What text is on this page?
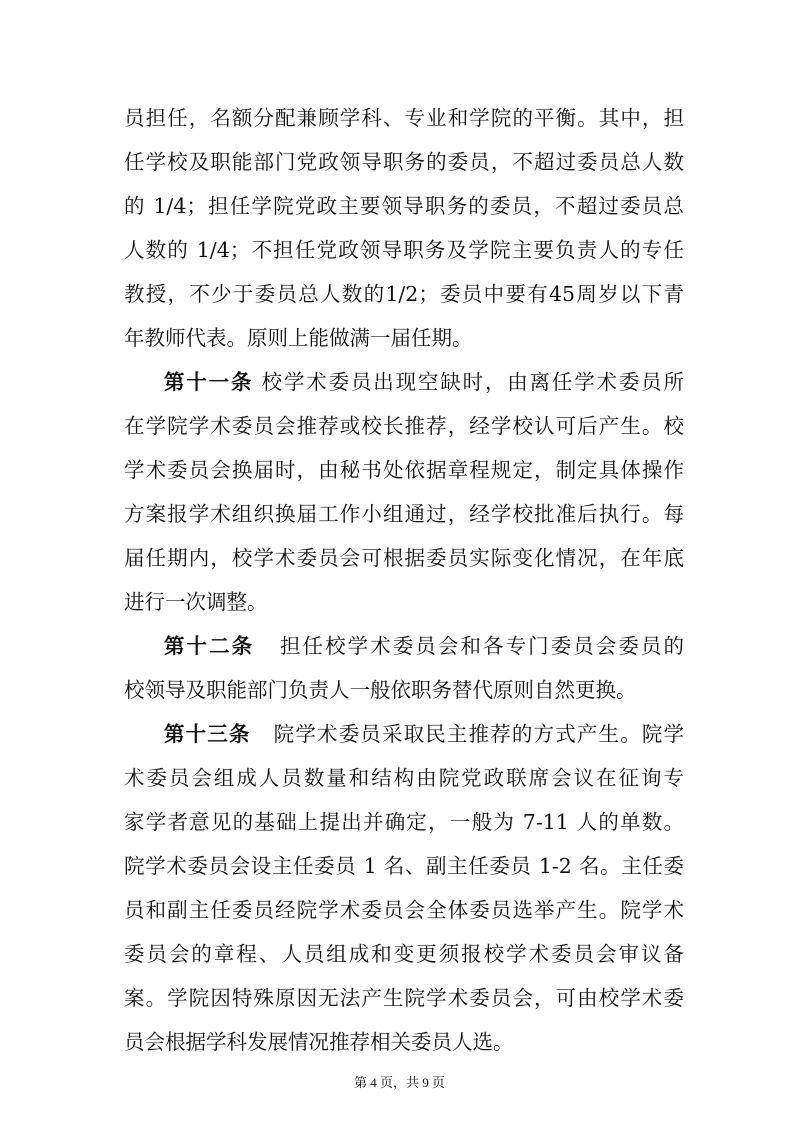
员担任，名额分配兼顾学科、专业和学院的平衡。其中，担
任学校及职能部门党政领导职务的委员，不超过委员总人数
的 1/4；担任学院党政主要领导职务的委员，不超过委员总
人数的 1/4；不担任党政领导职务及学院主要负责人的专任
教授，不少于委员总人数的1/2；委员中要有45周岁以下青
年教师代表。原则上能做满一届任期。
第十一条 校学术委员出现空缺时，由离任学术委员所
在学院学术委员会推荐或校长推荐，经学校认可后产生。校
学术委员会换届时，由秘书处依据章程规定，制定具体操作
方案报学术组织换届工作小组通过，经学校批准后执行。每
届任期内，校学术委员会可根据委员实际变化情况，在年底
进行一次调整。
第十二条 担任校学术委员会和各专门委员会委员的
校领导及职能部门负责人一般依职务替代原则自然更换。
第十三条 院学术委员采取民主推荐的方式产生。院学
术委员会组成人员数量和结构由院党政联席会议在征询专
家学者意见的基础上提出并确定，一般为 7-11 人的单数。
院学术委员会设主任委员 1 名、副主任委员 1-2 名。主任委
员和副主任委员经院学术委员会全体委员选举产生。院学术
委员会的章程、人员组成和变更须报校学术委员会审议备
案。学院因特殊原因无法产生院学术委员会，可由校学术委
员会根据学科发展情况推荐相关委员人选。
第 4 页，共 9 页
